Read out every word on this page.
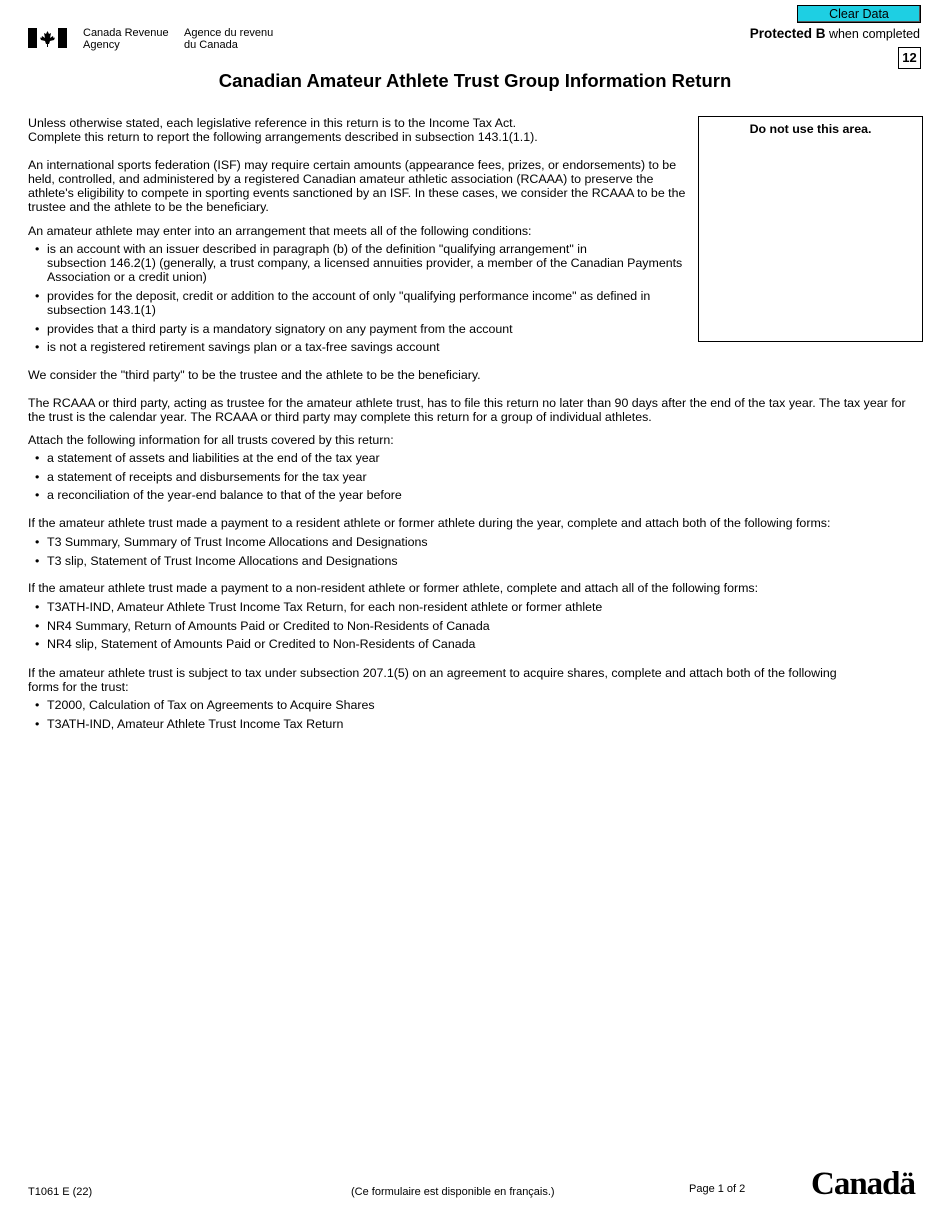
Clear Data
Canada Revenue
Agency
Agence du revenu
du Canada
Protected B when completed
12
Canadian Amateur Athlete Trust Group Information Return
Do not use this area.
Unless otherwise stated, each legislative reference in this return is to the Income Tax Act.
Complete this return to report the following arrangements described in subsection 143.1(1.1).
An international sports federation (ISF) may require certain amounts (appearance fees, prizes, or endorsements) to be
held, controlled, and administered by a registered Canadian amateur athletic association (RCAAA) to preserve the
athlete's eligibility to compete in sporting events sanctioned by an ISF. In these cases, we consider the RCAAA to be the
trustee and the athlete to be the beneficiary.
An amateur athlete may enter into an arrangement that meets all of the following conditions:
• is an account with an issuer described in paragraph (b) of the definition "qualifying arrangement" in
subsection 146.2(1) (generally, a trust company, a licensed annuities provider, a member of the Canadian Payments
Association or a credit union)
• provides for the deposit, credit or addition to the account of only "qualifying performance income" as defined in
subsection 143.1(1)
• provides that a third party is a mandatory signatory on any payment from the account
• is not a registered retirement savings plan or a tax-free savings account
We consider the "third party" to be the trustee and the athlete to be the beneficiary.
The RCAAA or third party, acting as trustee for the amateur athlete trust, has to file this return no later than 90 days after the end of the tax year. The tax year for
the trust is the calendar year. The RCAAA or third party may complete this return for a group of individual athletes.
Attach the following information for all trusts covered by this return:
• a statement of assets and liabilities at the end of the tax year
• a statement of receipts and disbursements for the tax year
• a reconciliation of the year-end balance to that of the year before
If the amateur athlete trust made a payment to a resident athlete or former athlete during the year, complete and attach both of the following forms:
• T3 Summary, Summary of Trust Income Allocations and Designations
• T3 slip, Statement of Trust Income Allocations and Designations
If the amateur athlete trust made a payment to a non-resident athlete or former athlete, complete and attach all of the following forms:
• T3ATH-IND, Amateur Athlete Trust Income Tax Return, for each non-resident athlete or former athlete
• NR4 Summary, Return of Amounts Paid or Credited to Non-Residents of Canada
• NR4 slip, Statement of Amounts Paid or Credited to Non-Residents of Canada
If the amateur athlete trust is subject to tax under subsection 207.1(5) on an agreement to acquire shares, complete and attach both of the following
forms for the trust:
• T2000, Calculation of Tax on Agreements to Acquire Shares
• T3ATH-IND, Amateur Athlete Trust Income Tax Return
T1061 E (22)	(Ce formulaire est disponible en français.)	Page 1 of 2 Canadä
